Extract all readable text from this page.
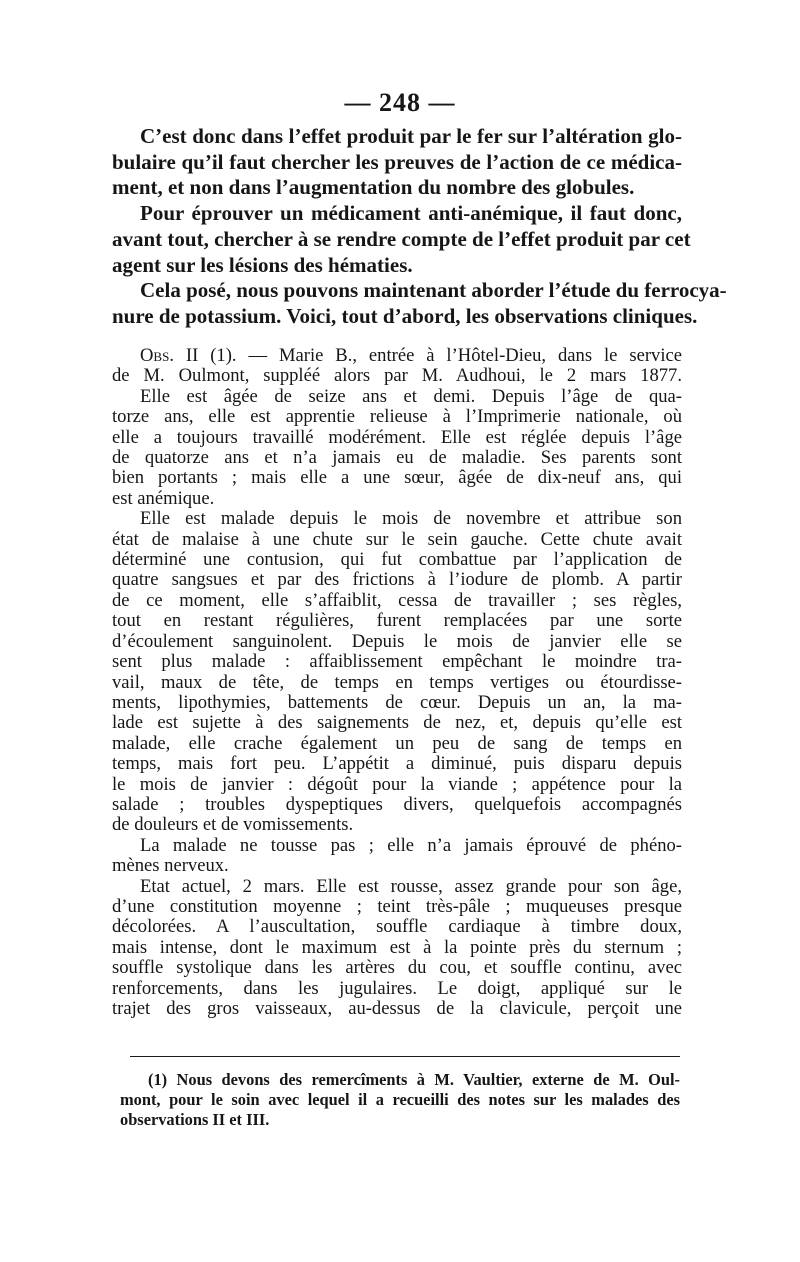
— 248 —

C’est donc dans l’effet produit par le fer sur l’altération glo-

bulaire qu’il faut chercher les preuves de l’action de ce médica-

ment, et non dans l’augmentation du nombre des globules.

Pour éprouver un médicament anti-anémique, il faut donc,

avant tout, chercher à se rendre compte de l’effet produit par cet

agent sur les lésions des hématies.

Cela posé, nous pouvons maintenant aborder l’étude du ferrocya-

nure de potassium. Voici, tout d’abord, les observations cliniques.

Obs. II (1). — Marie B., entrée à l’Hôtel-Dieu, dans le service

de M. Oulmont, suppléé alors par M. Audhoui, le 2 mars 1877.

Elle est âgée de seize ans et demi. Depuis l’âge de qua-

torze ans, elle est apprentie relieuse à l’Imprimerie nationale, où

elle a toujours travaillé modérément. Elle est réglée depuis l’âge

de quatorze ans et n’a jamais eu de maladie. Ses parents sont

bien portants ; mais elle a une sœur, âgée de dix-neuf ans, qui

est anémique.

Elle est malade depuis le mois de novembre et attribue son

état de malaise à une chute sur le sein gauche. Cette chute avait

déterminé une contusion, qui fut combattue par l’application de

quatre sangsues et par des frictions à l’iodure de plomb. A partir

de ce moment, elle s’affaiblit, cessa de travailler ; ses règles,

tout en restant régulières, furent remplacées par une sorte

d’écoulement sanguinolent. Depuis le mois de janvier elle se

sent plus malade : affaiblissement empêchant le moindre tra-

vail, maux de tête, de temps en temps vertiges ou étourdisse-

ments, lipothymies, battements de cœur. Depuis un an, la ma-

lade est sujette à des saignements de nez, et, depuis qu’elle est

malade, elle crache également un peu de sang de temps en

temps, mais fort peu. L’appétit a diminué, puis disparu depuis

le mois de janvier : dégoût pour la viande ; appétence pour la

salade ; troubles dyspeptiques divers, quelquefois accompagnés

de douleurs et de vomissements.

La malade ne tousse pas ; elle n’a jamais éprouvé de phéno-

mènes nerveux.

Etat actuel, 2 mars. Elle est rousse, assez grande pour son âge,

d’une constitution moyenne ; teint très-pâle ; muqueuses presque

décolorées. A l’auscultation, souffle cardiaque à timbre doux,

mais intense, dont le maximum est à la pointe près du sternum ;

souffle systolique dans les artères du cou, et souffle continu, avec

renforcements, dans les jugulaires. Le doigt, appliqué sur le

trajet des gros vaisseaux, au-dessus de la clavicule, perçoit une

(1) Nous devons des remercîments à M. Vaultier, externe de M. Oul-

mont, pour le soin avec lequel il a recueilli des notes sur les malades des

observations II et III.
